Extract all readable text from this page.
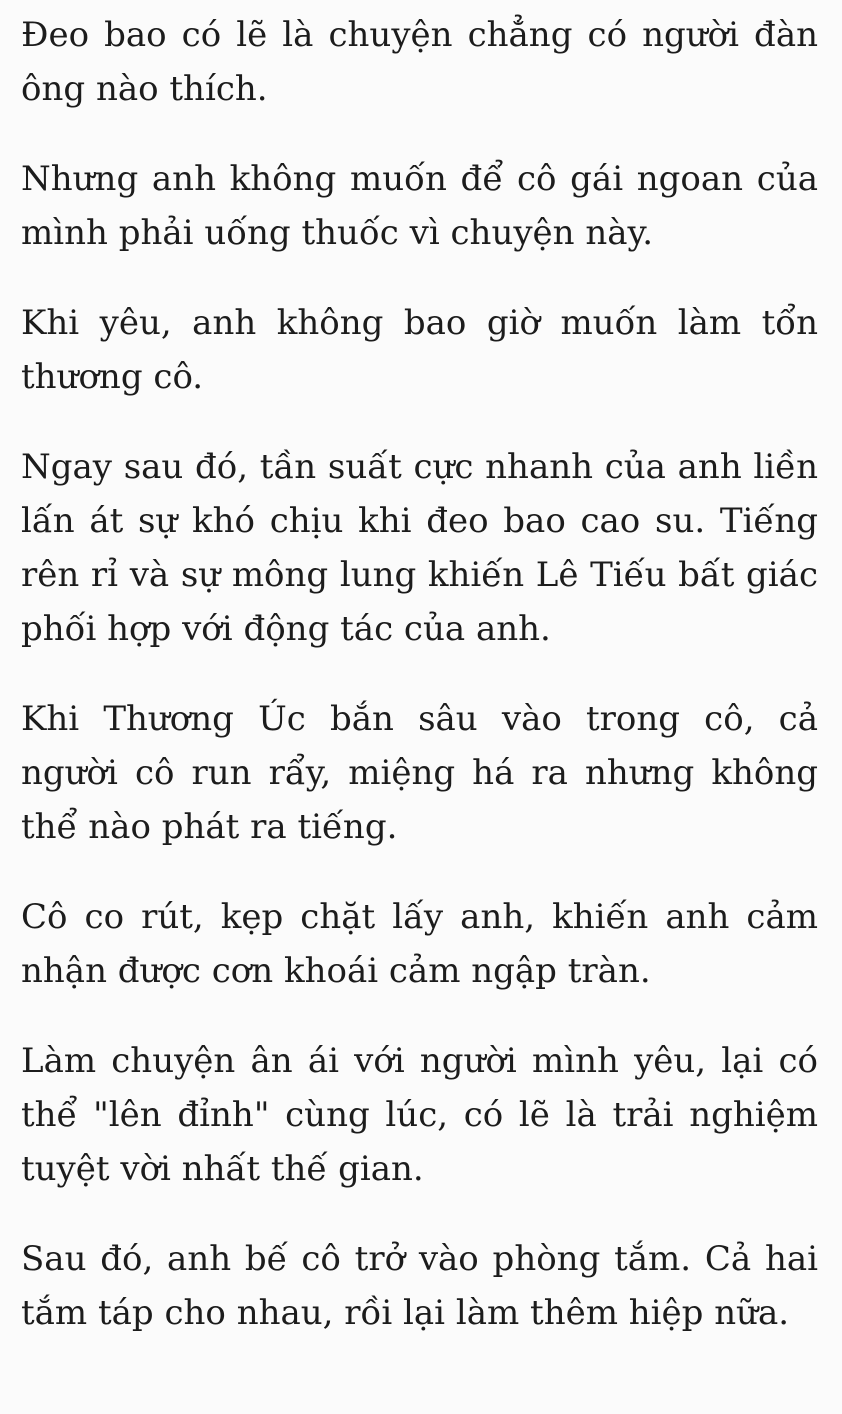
Đeo bao có lẽ là chuyện chẳng có người đàn ông nào thích.

Nhưng anh không muốn để cô gái ngoan của mình phải uống thuốc vì chuyện này.

Khi yêu, anh không bao giờ muốn làm tổn thương cô.

Ngay sau đó, tần suất cực nhanh của anh liền lấn át sự khó chịu khi đeo bao cao su. Tiếng rên rỉ và sự mông lung khiến Lê Tiếu bất giác phối hợp với động tác của anh.

Khi Thương Úc bắn sâu vào trong cô, cả người cô run rẩy, miệng há ra nhưng không thể nào phát ra tiếng.

Cô co rút, kẹp chặt lấy anh, khiến anh cảm nhận được cơn khoái cảm ngập tràn.

Làm chuyện ân ái với người mình yêu, lại có thể "lên đỉnh" cùng lúc, có lẽ là trải nghiệm tuyệt vời nhất thế gian.

Sau đó, anh bế cô trở vào phòng tắm. Cả hai tắm táp cho nhau, rồi lại làm thêm hiệp nữa.
